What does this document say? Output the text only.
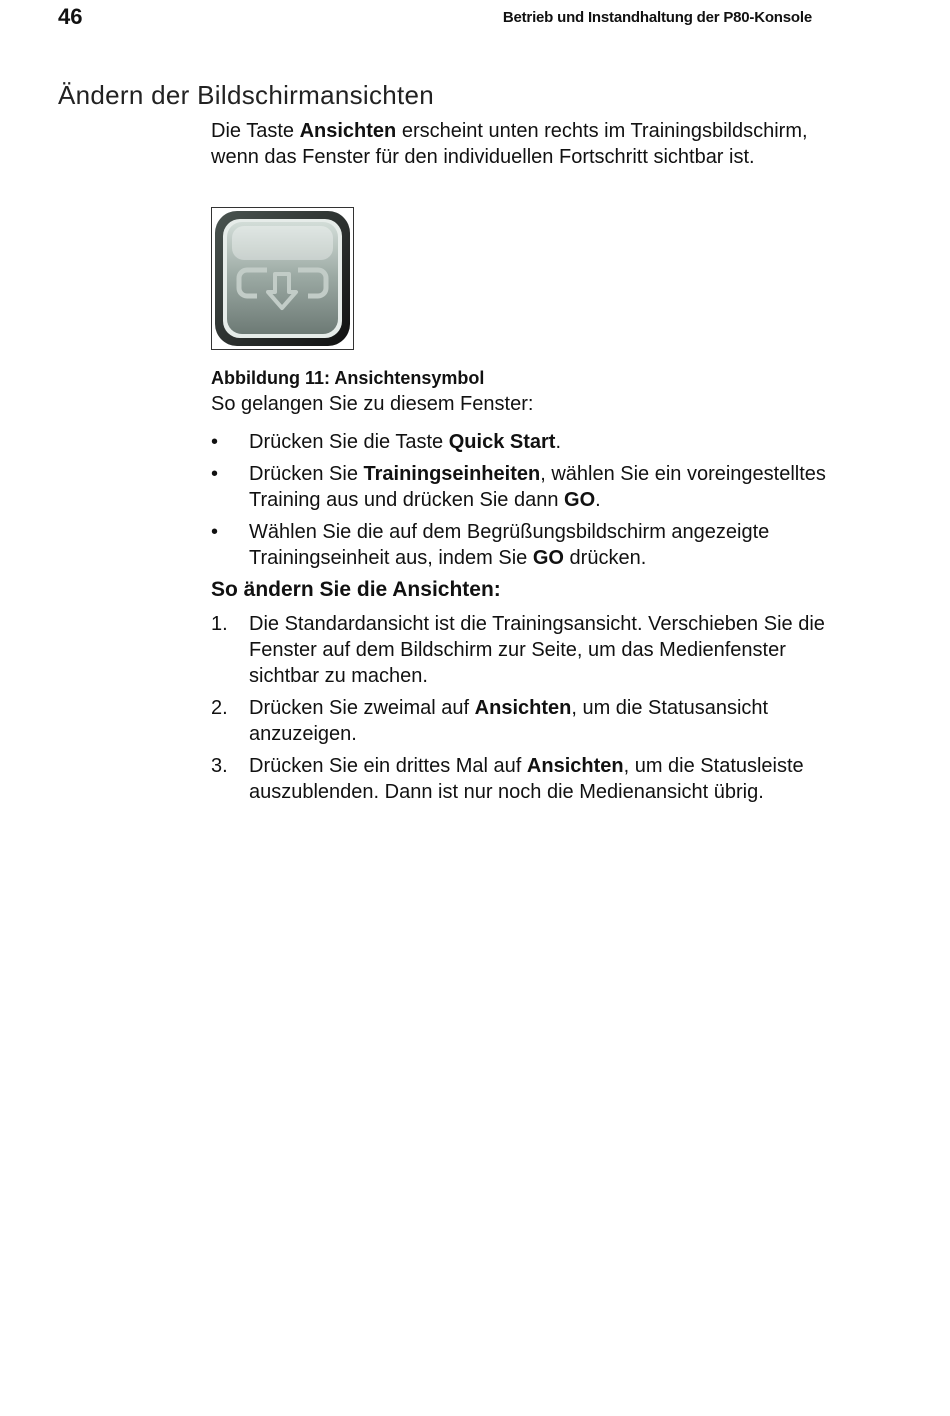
46	Betrieb und Instandhaltung der P80-Konsole
Ändern der Bildschirmansichten

Die Taste Ansichten erscheint unten rechts im Trainingsbildschirm, wenn das Fenster für den individuellen Fortschritt sichtbar ist.

Abbildung 11: Ansichtensymbol

So gelangen Sie zu diesem Fenster:

• Drücken Sie die Taste Quick Start.
• Drücken Sie Trainingseinheiten, wählen Sie ein voreingestelltes Training aus und drücken Sie dann GO.
• Wählen Sie die auf dem Begrüßungsbildschirm angezeigte Trainingseinheit aus, indem Sie GO drücken.

So ändern Sie die Ansichten:

1. Die Standardansicht ist die Trainingsansicht. Verschieben Sie die Fenster auf dem Bildschirm zur Seite, um das Medienfenster sichtbar zu machen.
2. Drücken Sie zweimal auf Ansichten, um die Statusansicht anzuzeigen.
3. Drücken Sie ein drittes Mal auf Ansichten, um die Statusleiste auszublenden. Dann ist nur noch die Medienansicht übrig.
